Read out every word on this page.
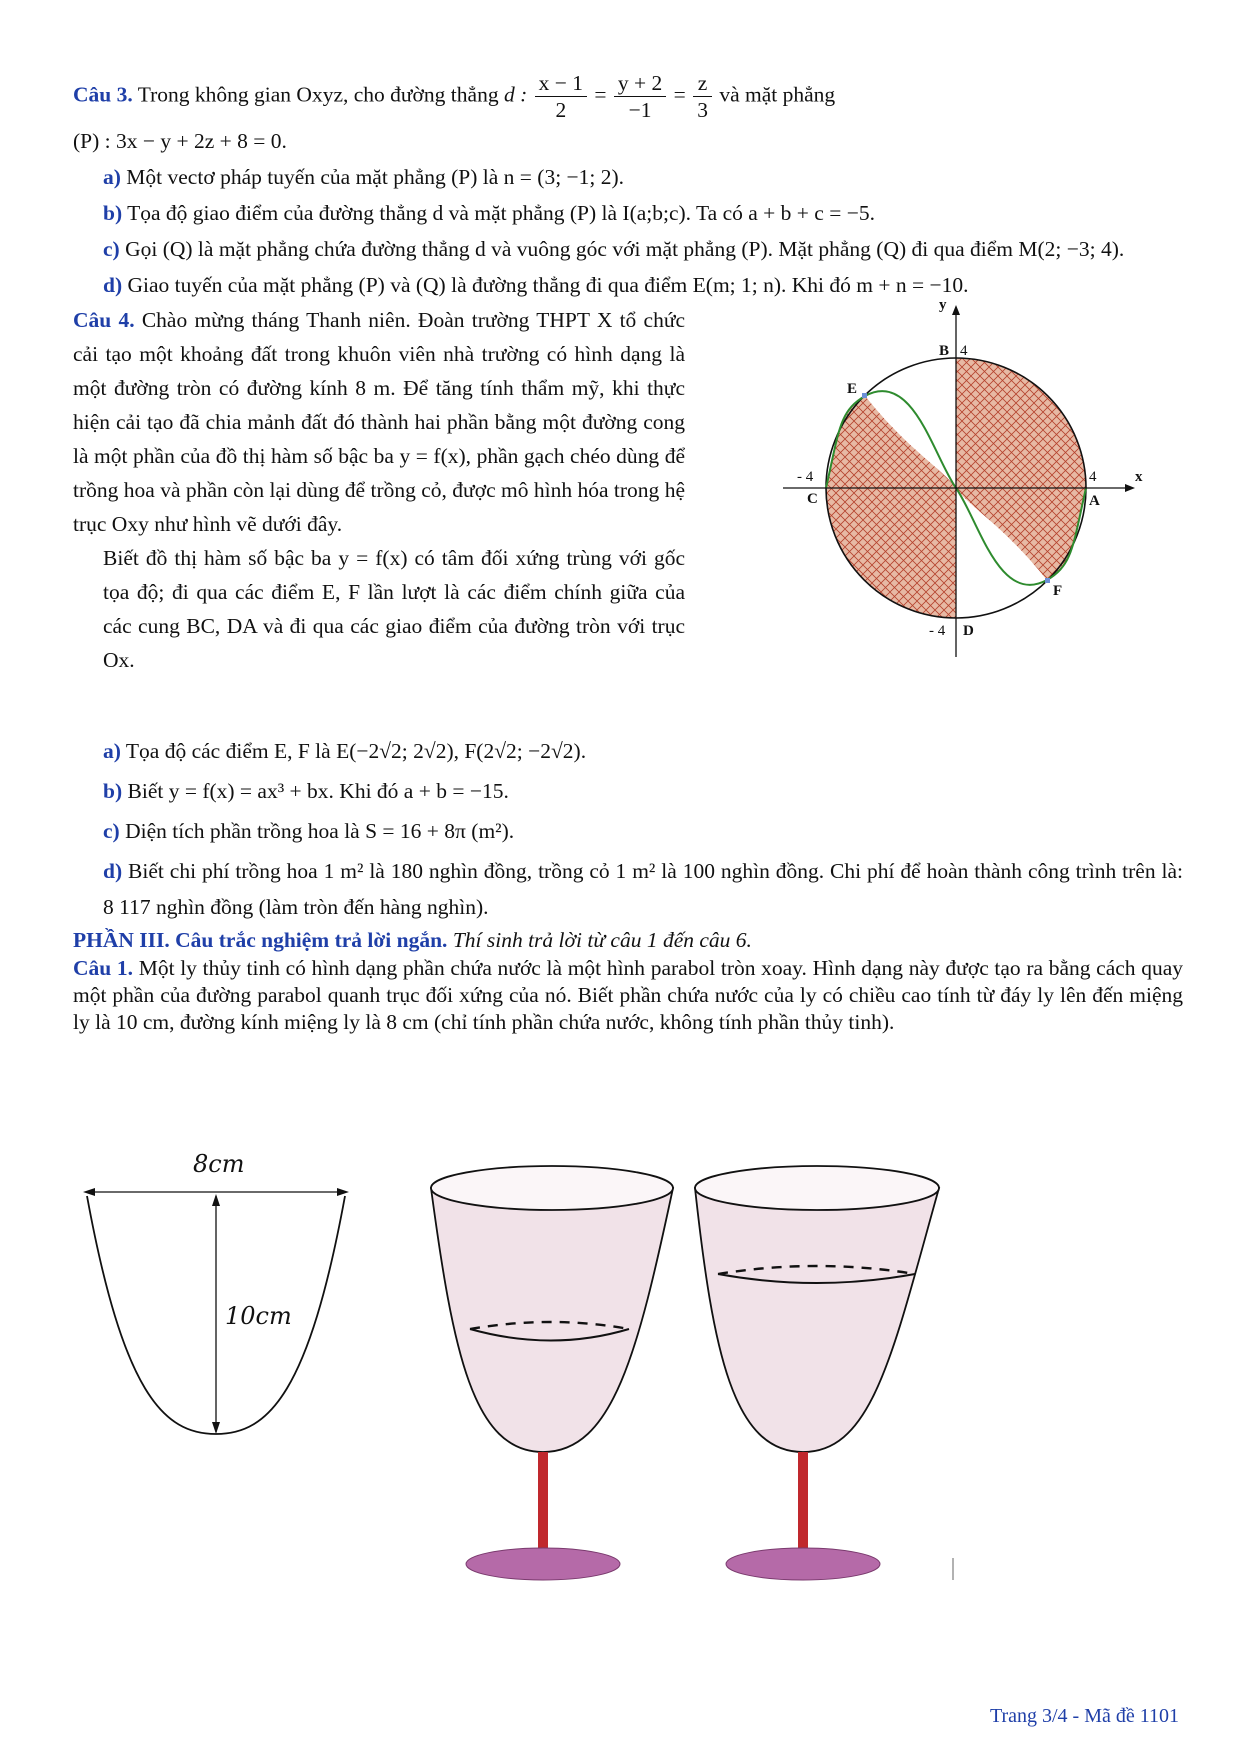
Câu 3. Trong không gian Oxyz, cho đường thẳng d : $\frac{x - 1}{2} = \frac{y + 2}{-1} = \frac{z}{3}$ và mặt phẳng

(P) : 3x − y + 2z + 8 = 0.

a) Một vectơ pháp tuyến của mặt phẳng (P) là n = (3; −1; 2).

b) Tọa độ giao điểm của đường thẳng d và mặt phẳng (P) là I(a;b;c). Ta có a + b + c = −5.

c) Gọi (Q) là mặt phẳng chứa đường thẳng d và vuông góc với mặt phẳng (P). Mặt phẳng (Q) đi qua điểm M(2; −3; 4).

d) Giao tuyến của mặt phẳng (P) và (Q) là đường thẳng đi qua điểm E(m; 1; n). Khi đó m + n = −10.

Câu 4. Chào mừng tháng Thanh niên. Đoàn trường THPT X tổ chức cải tạo một khoảng đất trong khuôn viên nhà trường có hình dạng là một đường tròn có đường kính 8 m. Để tăng tính thẩm mỹ, khi thực hiện cải tạo đã chia mảnh đất đó thành hai phần bằng một đường cong là một phần của đồ thị hàm số bậc ba y = f(x), phần gạch chéo dùng để trồng hoa và phần còn lại dùng để trồng cỏ, được mô hình hóa trong hệ trục Oxy như hình vẽ dưới đây.

Biết đồ thị hàm số bậc ba y = f(x) có tâm đối xứng trùng với gốc tọa độ; đi qua các điểm E, F lần lượt là các điểm chính giữa của các cung BC, DA và đi qua các giao điểm của đường tròn với trục Ox.

y
x
B 4
E
- 4
C
4
A
F
- 4 D

a) Tọa độ các điểm E, F là E(−2√2; 2√2), F(2√2; −2√2).

b) Biết y = f(x) = ax³ + bx. Khi đó a + b = −15.

c) Diện tích phần trồng hoa là S = 16 + 8π (m²).

d) Biết chi phí trồng hoa 1 m² là 180 nghìn đồng, trồng cỏ 1 m² là 100 nghìn đồng. Chi phí để hoàn thành công trình trên là: 8 117 nghìn đồng (làm tròn đến hàng nghìn).

PHẦN III. Câu trắc nghiệm trả lời ngắn. Thí sinh trả lời từ câu 1 đến câu 6.

Câu 1. Một ly thủy tinh có hình dạng phần chứa nước là một hình parabol tròn xoay. Hình dạng này được tạo ra bằng cách quay một phần của đường parabol quanh trục đối xứng của nó. Biết phần chứa nước của ly có chiều cao tính từ đáy ly lên đến miệng ly là 10 cm, đường kính miệng ly là 8 cm (chỉ tính phần chứa nước, không tính phần thủy tinh).

8cm
10cm
Trang 3/4 - Mã đề 1101
